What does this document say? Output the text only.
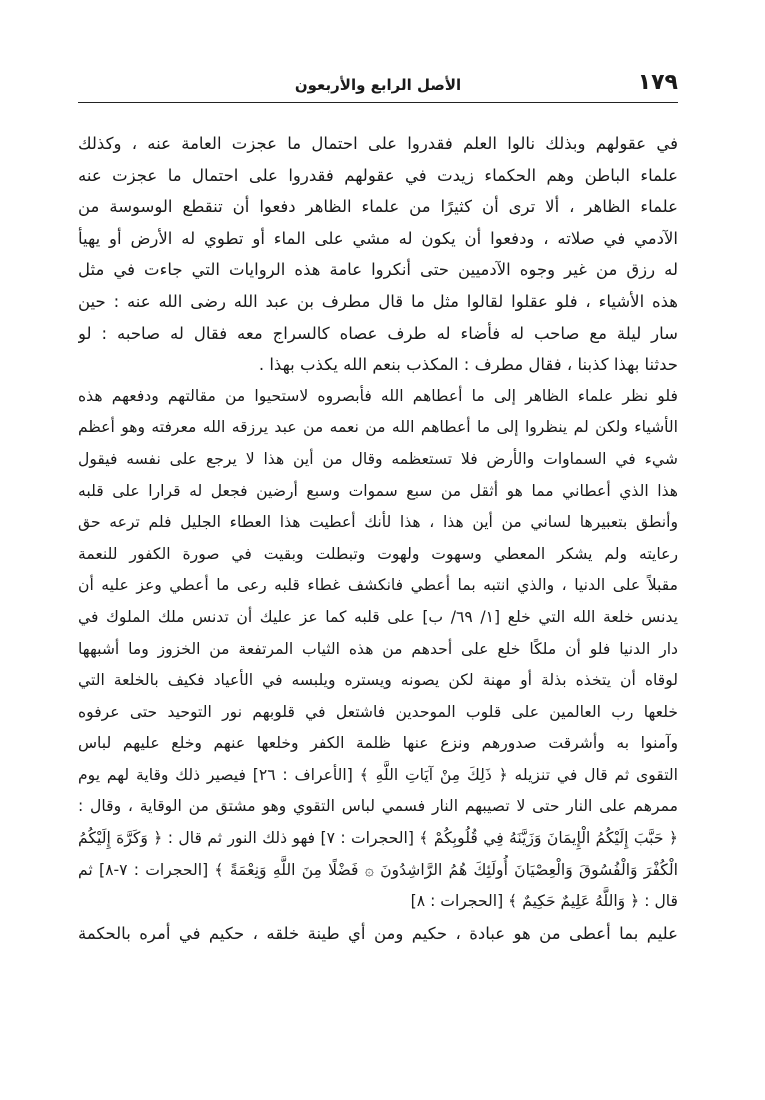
١٧٩
الأصل الرابع والأربعون
في عقولهم وبذلك نالوا العلم فقدروا على احتمال ما عجزت العامة عنه ، وكذلك
علماء الباطن وهم الحكماء زيدت في عقولهم فقدروا على احتمال ما عجزت عنه
علماء الظاهر ، ألا ترى أن كثيرًا من علماء الظاهر دفعوا أن تنقطع الوسوسة من
الآدمي في صلاته ، ودفعوا أن يكون له مشي على الماء أو تطوي له الأرض أو يهيأ
له رزق من غير وجوه الآدميين حتى أنكروا عامة هذه الروايات التي جاءت في مثل
هذه الأشياء ، فلو عقلوا لقالوا مثل ما قال مطرف بن عبد الله رضى الله عنه : حين
سار ليلة مع صاحب له فأضاء له طرف عصاه كالسراج معه فقال له صاحبه : لو
حدثنا بهذا كذبنا ، فقال مطرف : المكذب بنعم الله يكذب بهذا .
فلو نظر علماء الظاهر إلى ما أعطاهم الله فأبصروه لاستحيوا من مقالتهم ودفعهم هذه
الأشياء ولكن لم ينظروا إلى ما أعطاهم الله من نعمه من عبد يرزقه الله معرفته وهو أعظم
شيء في السماوات والأرض فلا تستعظمه وقال من أين هذا لا يرجع على نفسه فيقول
هذا الذي أعطاني مما هو أثقل من سبع سموات وسبع أرضين فجعل له قرارا على قلبه
وأنطق بتعبيرها لساني من أين هذا ، هذا لأنك أعطيت هذا العطاء الجليل فلم ترعه حق
رعايته ولم يشكر المعطي وسهوت ولهوت وتبطلت وبقيت في صورة الكفور للنعمة
مقبلاً على الدنيا ، والذي انتبه بما أعطي فانكشف غطاء قلبه رعى ما أعطي وعز عليه أن
يدنس خلعة الله التي خلع [١/ ٦٩/ ب] على قلبه كما عز عليك أن تدنس ملك الملوك في
دار الدنيا فلو أن ملكًا خلع على أحدهم من هذه الثياب المرتفعة من الخزوز وما أشبهها
لوقاه أن يتخذه بذلة أو مهنة لكن يصونه ويستره ويلبسه في الأعياد فكيف بالخلعة التي
خلعها رب العالمين على قلوب الموحدين فاشتعل في قلوبهم نور التوحيد حتى عرفوه
وآمنوا به وأشرقت صدورهم ونزع عنها ظلمة الكفر وخلعها عنهم وخلع عليهم لباس
التقوى ثم قال في تنزيله ﴿ ذَلِكَ مِنْ آيَاتِ اللَّهِ ﴾ [الأعراف : ٢٦] فيصير ذلك وقاية لهم يوم
ممرهم على النار حتى لا تصيبهم النار فسمي لباس التقوي وهو مشتق من الوقاية ، وقال :
﴿ حَبَّبَ إِلَيْكُمُ الْإِيمَانَ وَزَيَّنَهُ فِي قُلُوبِكُمْ ﴾ [الحجرات : ٧] فهو ذلك النور ثم قال : ﴿ وَكَرَّهَ إِلَيْكُمُ
الْكُفْرَ وَالْفُسُوقَ وَالْعِصْيَانَ أُولَئِكَ هُمُ الرَّاشِدُونَ ۞ فَضْلًا مِنَ اللَّهِ وَنِعْمَةً ﴾ [الحجرات : ٧-٨] ثم
قال : ﴿ وَاللَّهُ عَلِيمٌ حَكِيمٌ ﴾ [الحجرات : ٨]
عليم بما أعطى من هو عبادة ، حكيم ومن أي طينة خلقه ، حكيم في أمره بالحكمة
